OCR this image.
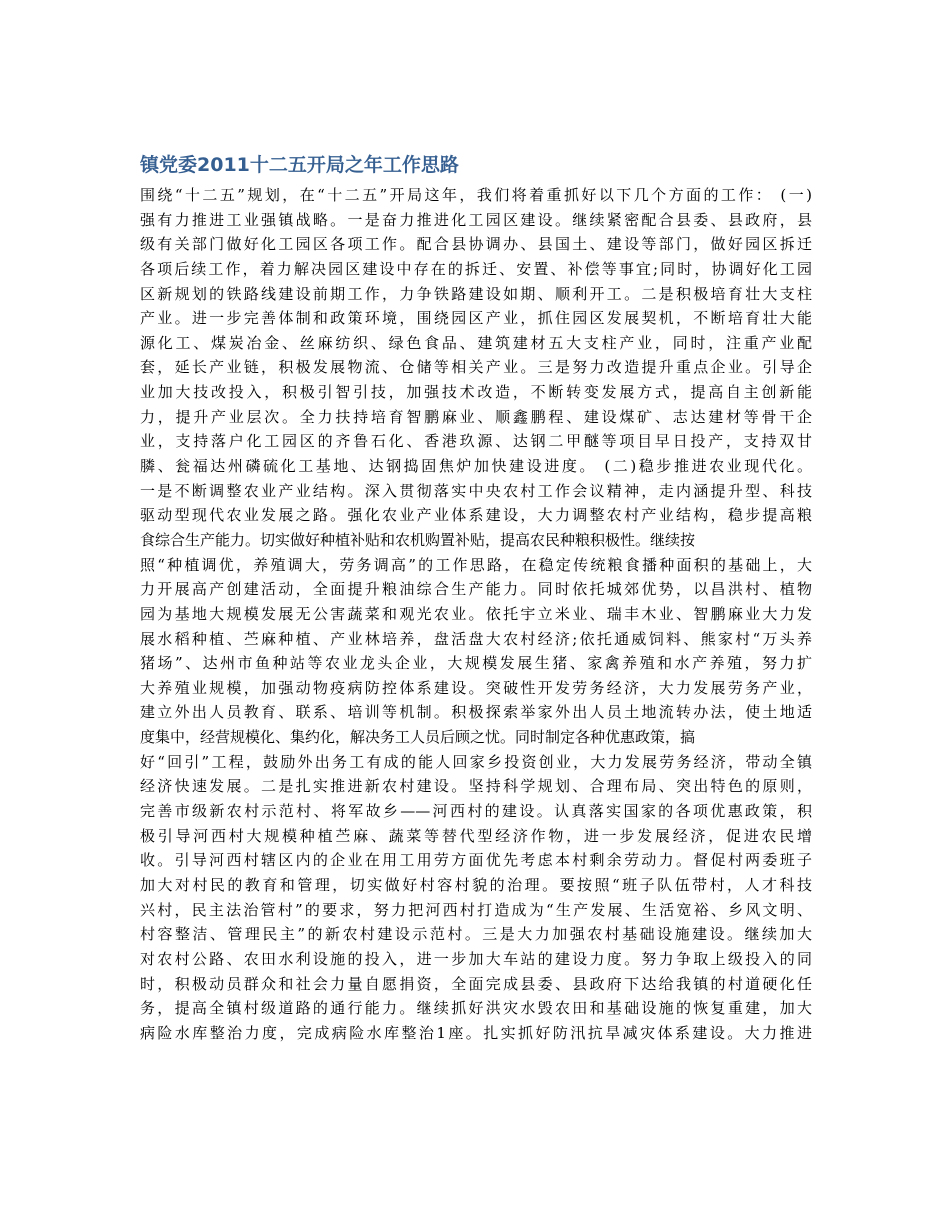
镇党委2011十二五开局之年工作思路
围绕“十二五”规划，在“十二五”开局这年，我们将着重抓好以下几个方面的工作： (一)
强有力推进工业强镇战略。一是奋力推进化工园区建设。继续紧密配合县委、县政府，县
级有关部门做好化工园区各项工作。配合县协调办、县国土、建设等部门，做好园区拆迁
各项后续工作，着力解决园区建设中存在的拆迁、安置、补偿等事宜;同时，协调好化工园
区新规划的铁路线建设前期工作，力争铁路建设如期、顺利开工。二是积极培育壮大支柱
产业。进一步完善体制和政策环境，围绕园区产业，抓住园区发展契机，不断培育壮大能
源化工、煤炭冶金、丝麻纺织、绿色食品、建筑建材五大支柱产业，同时，注重产业配
套，延长产业链，积极发展物流、仓储等相关产业。三是努力改造提升重点企业。引导企
业加大技改投入，积极引智引技，加强技术改造，不断转变发展方式，提高自主创新能
力，提升产业层次。全力扶持培育智鹏麻业、顺鑫鹏程、建设煤矿、志达建材等骨干企
业，支持落户化工园区的齐鲁石化、香港玖源、达钢二甲醚等项目早日投产，支持双甘
膦、瓮福达州磷硫化工基地、达钢捣固焦炉加快建设进度。 (二)稳步推进农业现代化。
一是不断调整农业产业结构。深入贯彻落实中央农村工作会议精神，走内涵提升型、科技
驱动型现代农业发展之路。强化农业产业体系建设，大力调整农村产业结构，稳步提高粮
食综合生产能力。切实做好种植补贴和农机购置补贴，提高农民种粮积极性。继续按
照“种植调优，养殖调大，劳务调高”的工作思路，在稳定传统粮食播种面积的基础上，大
力开展高产创建活动，全面提升粮油综合生产能力。同时依托城郊优势，以昌洪村、植物
园为基地大规模发展无公害蔬菜和观光农业。依托宇立米业、瑞丰木业、智鹏麻业大力发
展水稻种植、苎麻种植、产业林培养，盘活盘大农村经济;依托通威饲料、熊家村“万头养
猪场”、达州市鱼种站等农业龙头企业，大规模发展生猪、家禽养殖和水产养殖，努力扩
大养殖业规模，加强动物疫病防控体系建设。突破性开发劳务经济，大力发展劳务产业，
建立外出人员教育、联系、培训等机制。积极探索举家外出人员土地流转办法，使土地适
度集中，经营规模化、集约化，解决务工人员后顾之忧。同时制定各种优惠政策，搞
好“回引”工程，鼓励外出务工有成的能人回家乡投资创业，大力发展劳务经济，带动全镇
经济快速发展。二是扎实推进新农村建设。坚持科学规划、合理布局、突出特色的原则，
完善市级新农村示范村、将军故乡——河西村的建设。认真落实国家的各项优惠政策，积
极引导河西村大规模种植苎麻、蔬菜等替代型经济作物，进一步发展经济，促进农民增
收。引导河西村辖区内的企业在用工用劳方面优先考虑本村剩余劳动力。督促村两委班子
加大对村民的教育和管理，切实做好村容村貌的治理。要按照“班子队伍带村，人才科技
兴村，民主法治管村”的要求，努力把河西村打造成为“生产发展、生活宽裕、乡风文明、
村容整洁、管理民主”的新农村建设示范村。三是大力加强农村基础设施建设。继续加大
对农村公路、农田水利设施的投入，进一步加大车站的建设力度。努力争取上级投入的同
时，积极动员群众和社会力量自愿捐资，全面完成县委、县政府下达给我镇的村道硬化任
务，提高全镇村级道路的通行能力。继续抓好洪灾水毁农田和基础设施的恢复重建，加大
病险水库整治力度，完成病险水库整治1座。扎实抓好防汛抗旱减灾体系建设。大力推进
